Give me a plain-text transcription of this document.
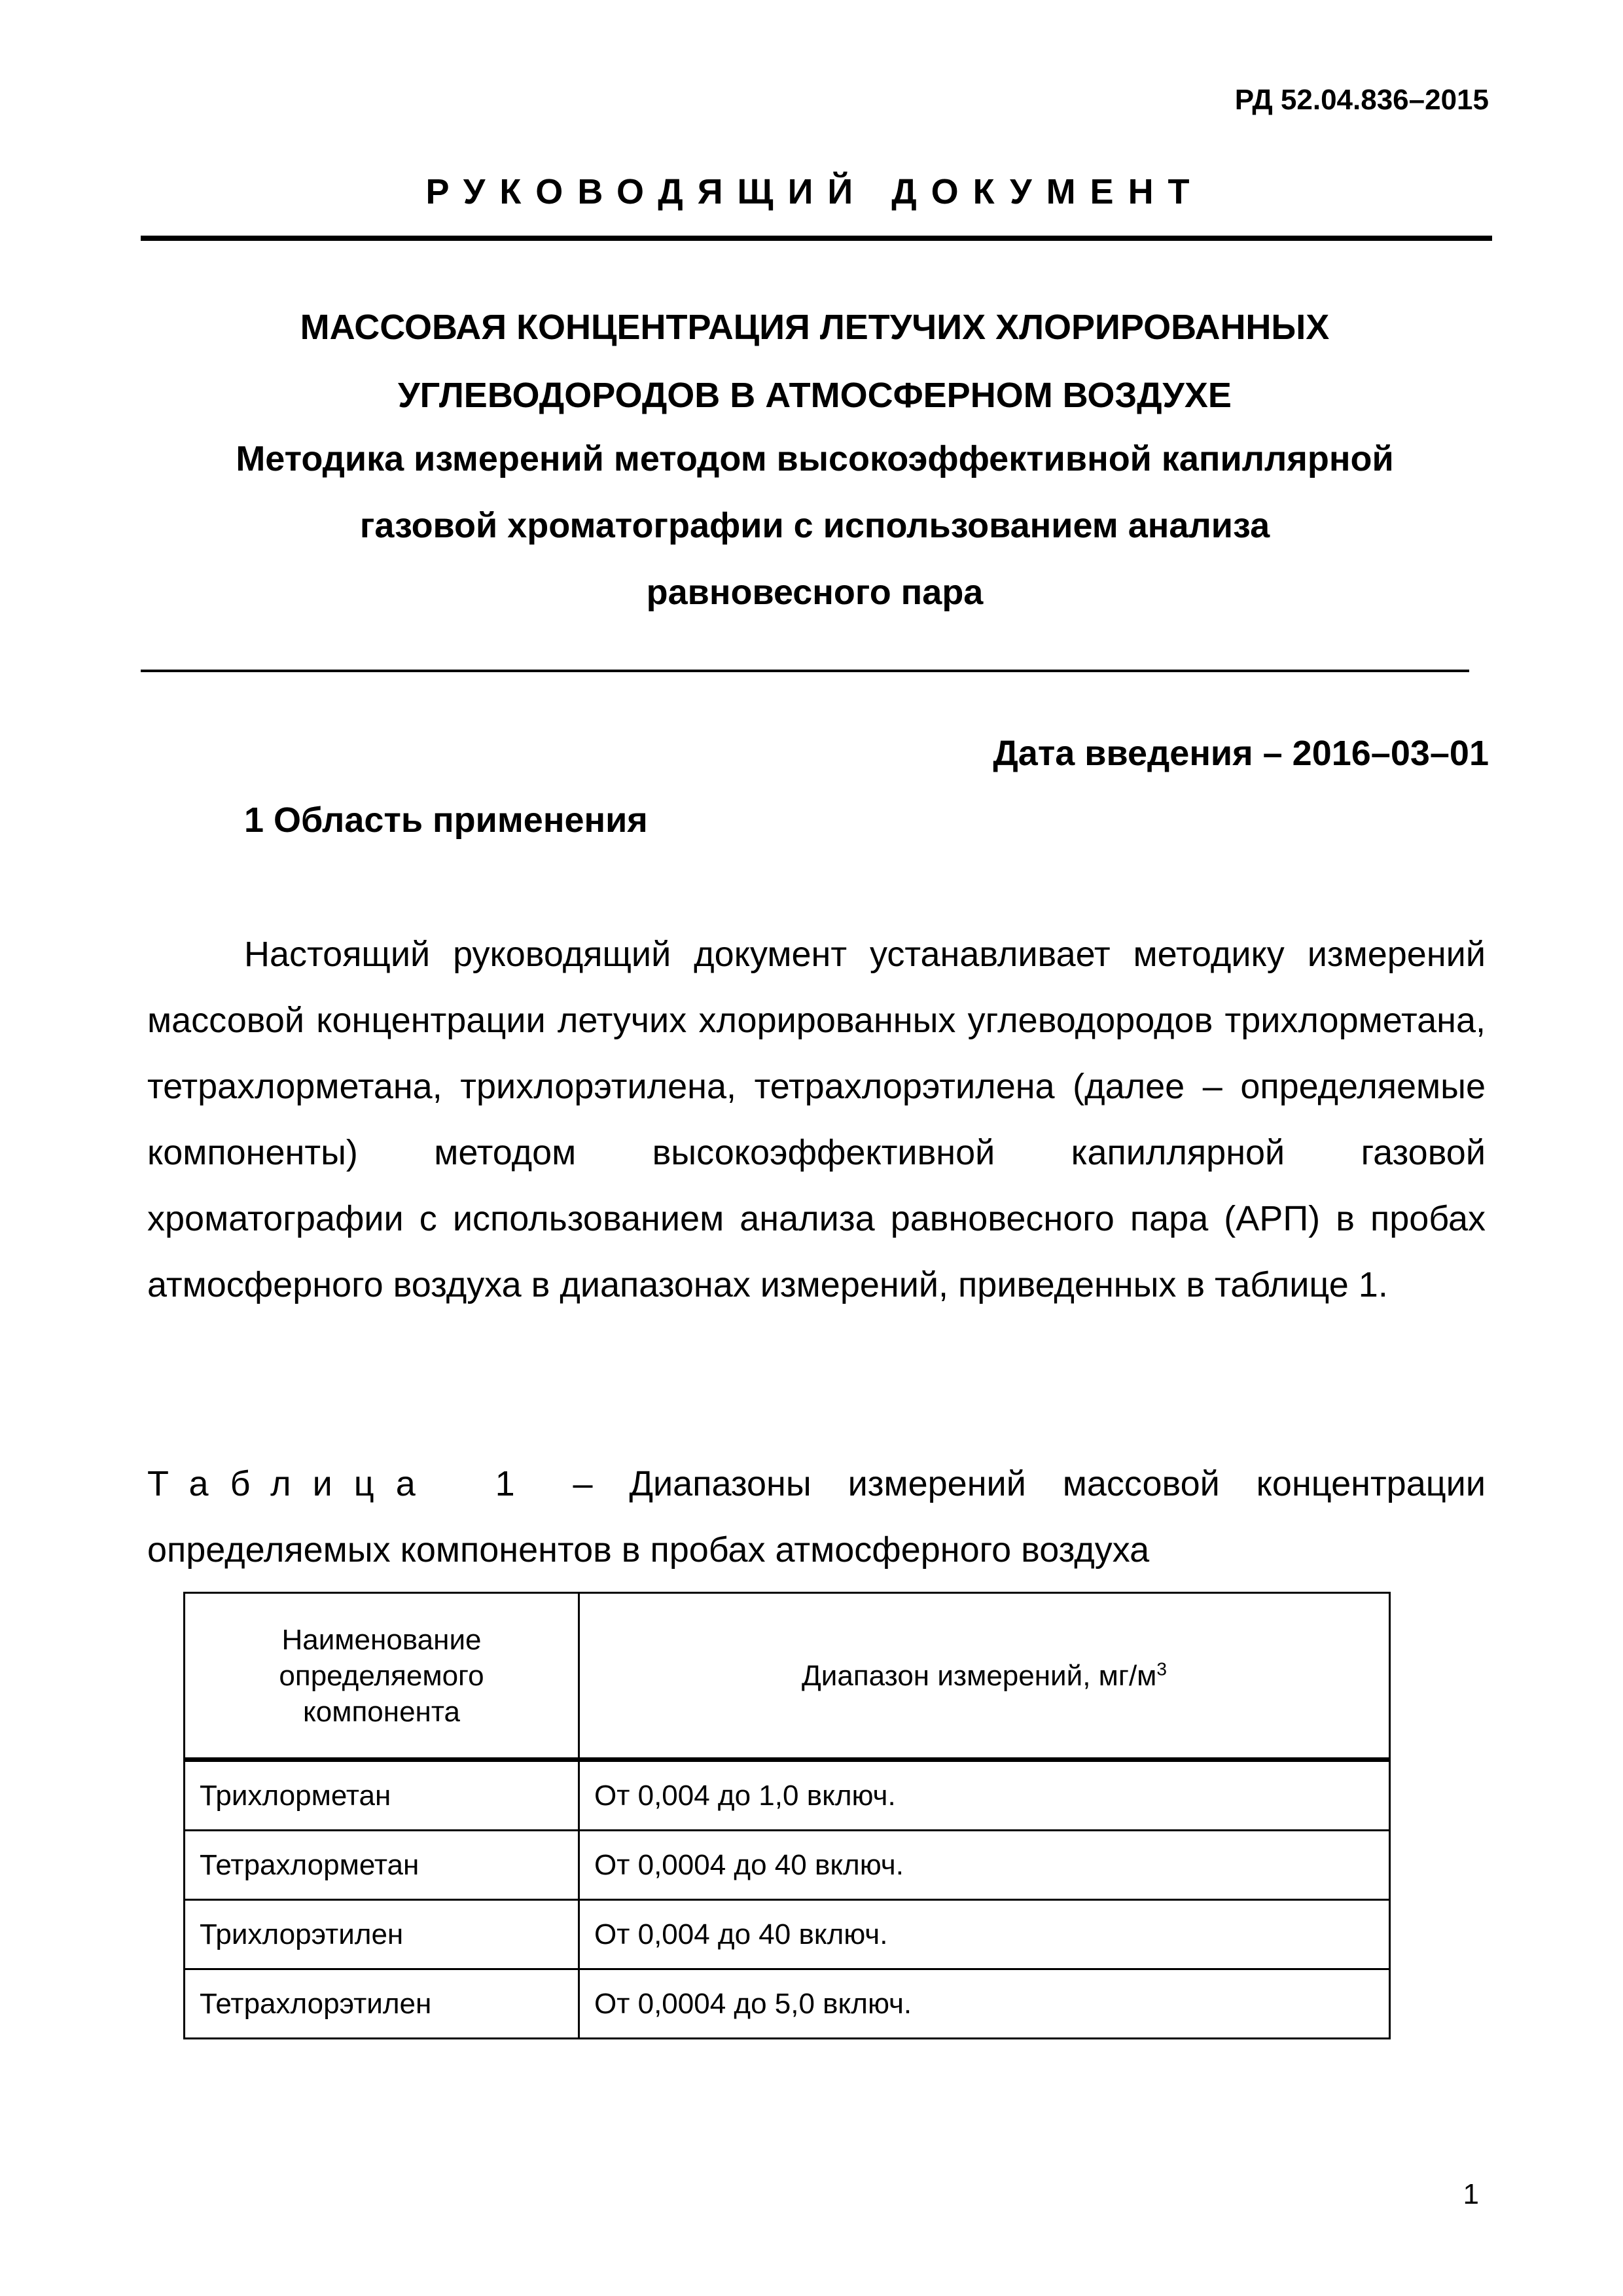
РД 52.04.836–2015
РУКОВОДЯЩИЙ ДОКУМЕНТ
МАССОВАЯ КОНЦЕНТРАЦИЯ ЛЕТУЧИХ ХЛОРИРОВАННЫХ
УГЛЕВОДОРОДОВ В АТМОСФЕРНОМ ВОЗДУХЕ
Методика измерений методом высокоэффективной капиллярной
газовой хроматографии с использованием анализа
равновесного пара
Дата введения – 2016–03–01
1 Область применения

Настоящий руководящий документ устанавливает методику измерений массовой концентрации летучих хлорированных углеводородов трихлорметана, тетрахлорметана, трихлорэтилена, тетрахлорэтилена (далее – определяемые компоненты) методом высокоэффективной капиллярной газовой хроматографии с использованием анализа равновесного пара (АРП) в пробах атмосферного воздуха в диапазонах измерений, приведенных в таблице 1.

Таблица 1 – Диапазоны измерений массовой концентрации определяемых компонентов в пробах атмосферного воздуха

Наименование определяемого компонента	Диапазон измерений, $мг/м^3$
Трихлорметан	От 0,004 до 1,0 включ.
Тетрахлорметан	От 0,0004 до 40 включ.
Трихлорэтилен	От 0,004 до 40 включ.
Тетрахлорэтилен	От 0,0004 до 5,0 включ.
1
